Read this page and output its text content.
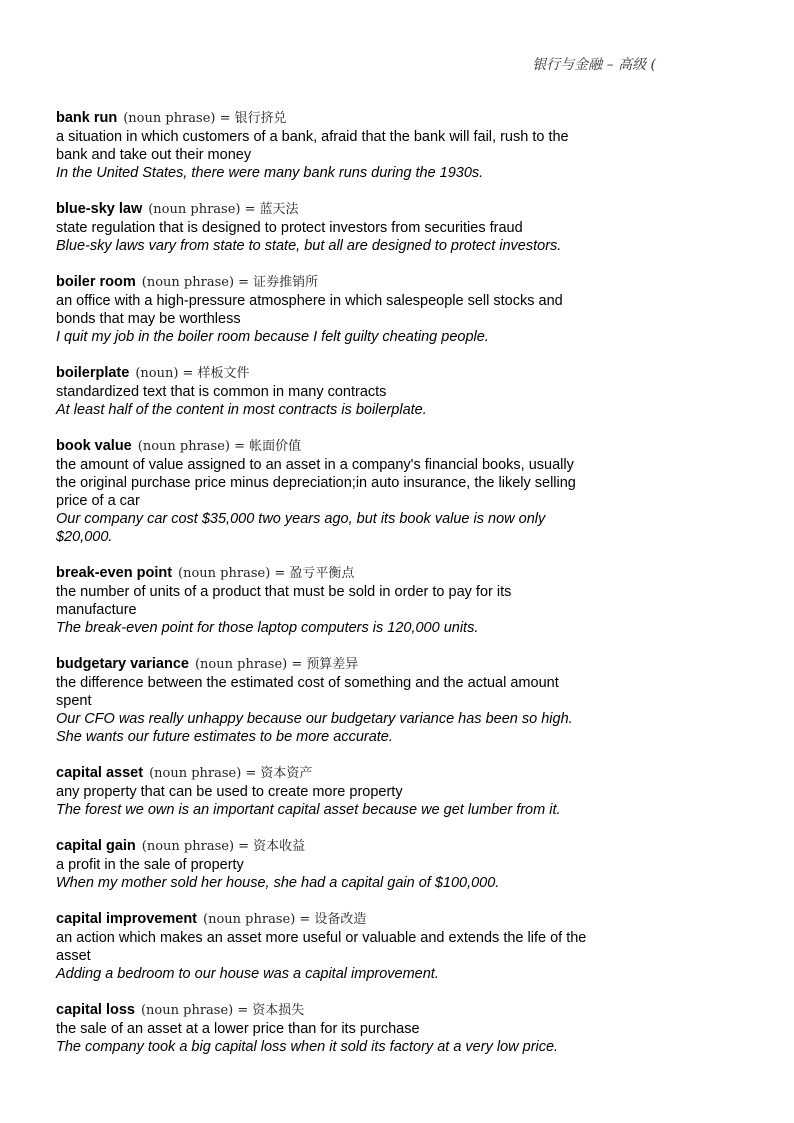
银行与金融 – 高级 (
bank run (noun phrase) = 银行挤兑
a situation in which customers of a bank, afraid that the bank will fail, rush to the
bank and take out their money
In the United States, there were many bank runs during the 1930s.
blue-sky law (noun phrase) = 蓝天法
state regulation that is designed to protect investors from securities fraud
Blue-sky laws vary from state to state, but all are designed to protect investors.
boiler room (noun phrase) = 证券推销所
an office with a high-pressure atmosphere in which salespeople sell stocks and
bonds that may be worthless
I quit my job in the boiler room because I felt guilty cheating people.
boilerplate (noun) = 样板文件
standardized text that is common in many contracts
At least half of the content in most contracts is boilerplate.
book value (noun phrase) = 帐面价值
the amount of value assigned to an asset in a company's financial books, usually
the original purchase price minus depreciation;in auto insurance, the likely selling
price of a car
Our company car cost $35,000 two years ago, but its book value is now only
$20,000.
break-even point (noun phrase) = 盈亏平衡点
the number of units of a product that must be sold in order to pay for its
manufacture
The break-even point for those laptop computers is 120,000 units.
budgetary variance (noun phrase) = 预算差异
the difference between the estimated cost of something and the actual amount
spent
Our CFO was really unhappy because our budgetary variance has been so high.
She wants our future estimates to be more accurate.
capital asset (noun phrase) = 资本资产
any property that can be used to create more property
The forest we own is an important capital asset because we get lumber from it.
capital gain (noun phrase) = 资本收益
a profit in the sale of property
When my mother sold her house, she had a capital gain of $100,000.
capital improvement (noun phrase) = 设备改造
an action which makes an asset more useful or valuable and extends the life of the
asset
Adding a bedroom to our house was a capital improvement.
capital loss (noun phrase) = 资本损失
the sale of an asset at a lower price than for its purchase
The company took a big capital loss when it sold its factory at a very low price.
